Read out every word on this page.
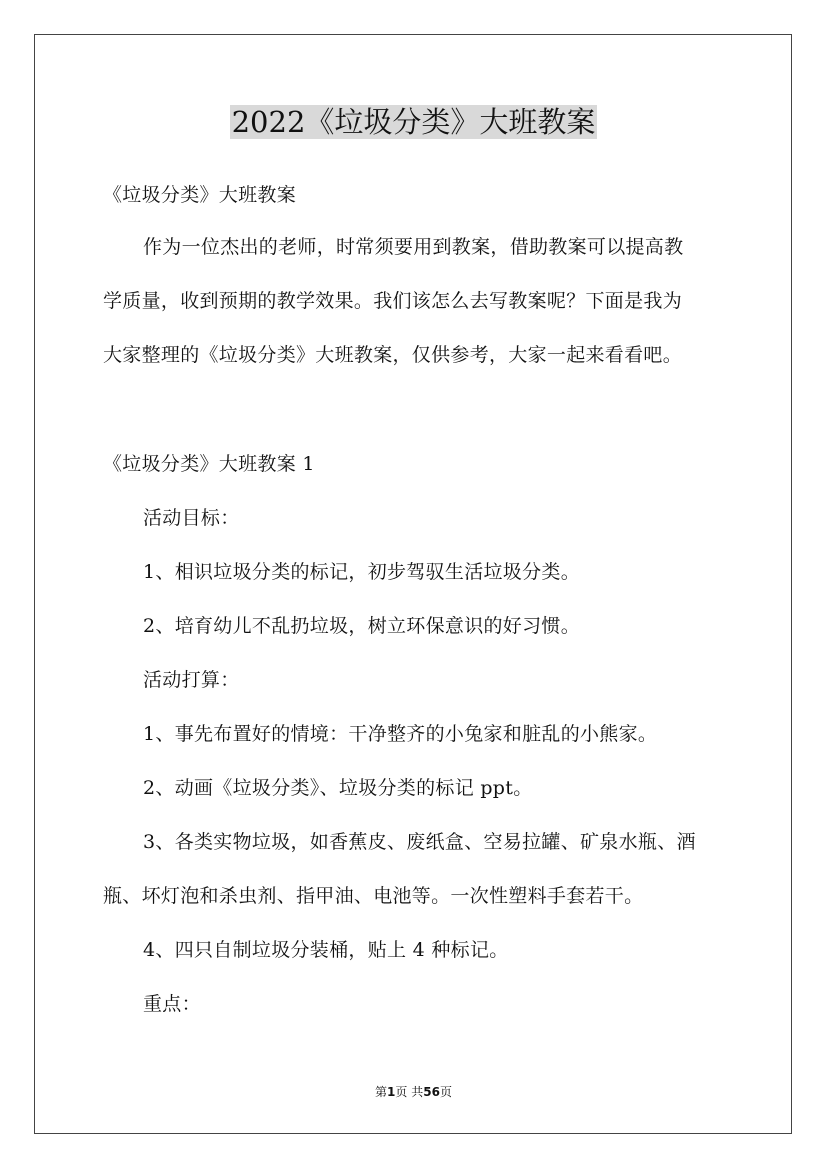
2022《垃圾分类》大班教案
《垃圾分类》大班教案
作为一位杰出的老师，时常须要用到教案，借助教案可以提高教
学质量，收到预期的教学效果。我们该怎么去写教案呢？下面是我为
大家整理的《垃圾分类》大班教案，仅供参考，大家一起来看看吧。
《垃圾分类》大班教案 1
活动目标：
1、相识垃圾分类的标记，初步驾驭生活垃圾分类。
2、培育幼儿不乱扔垃圾，树立环保意识的好习惯。
活动打算：
1、事先布置好的情境：干净整齐的小兔家和脏乱的小熊家。
2、动画《垃圾分类》、垃圾分类的标记 ppt。
3、各类实物垃圾，如香蕉皮、废纸盒、空易拉罐、矿泉水瓶、酒
瓶、坏灯泡和杀虫剂、指甲油、电池等。一次性塑料手套若干。
4、四只自制垃圾分装桶，贴上 4 种标记。
重点：
第1页 共56页
